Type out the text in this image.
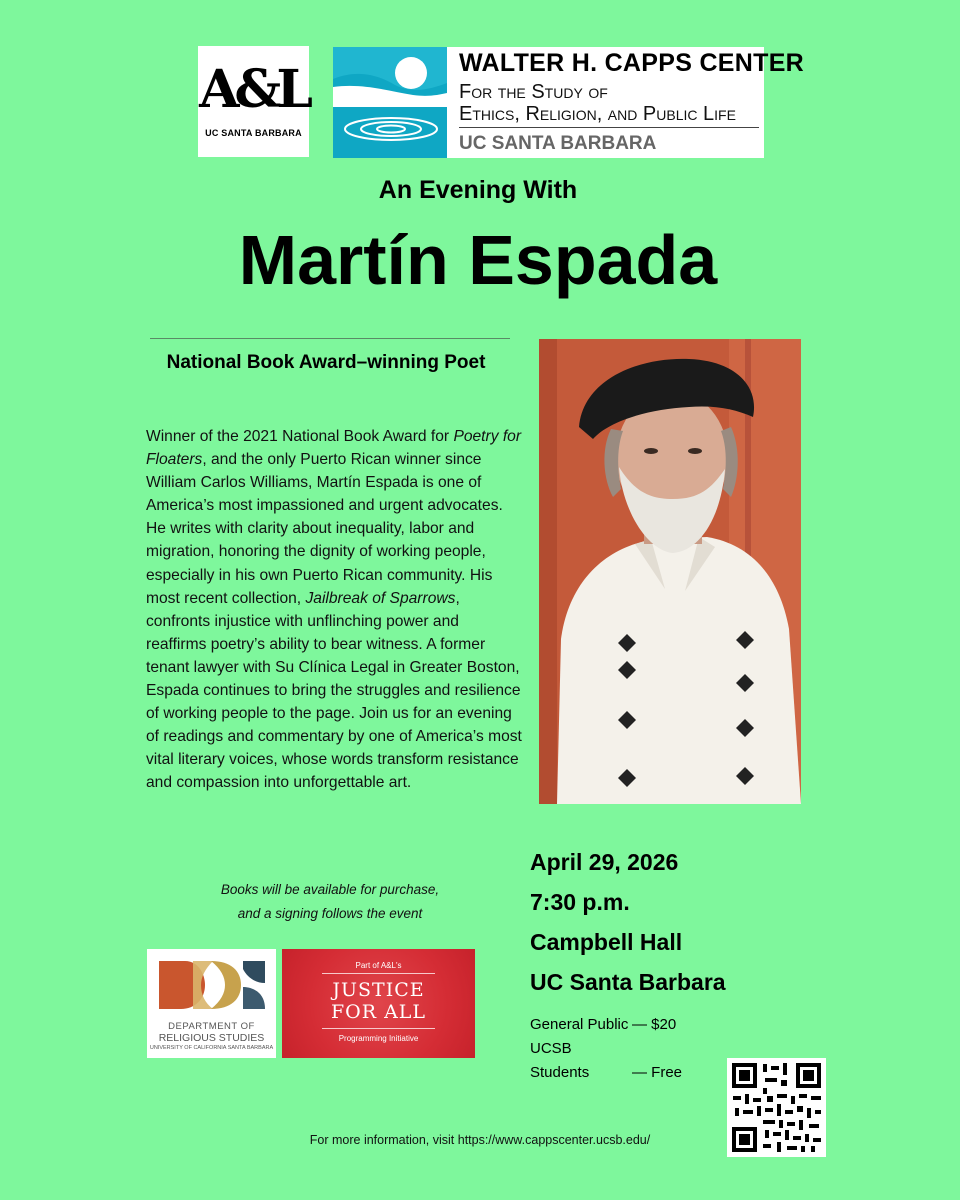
A&L
UC SANTA BARBARA
WALTER H. CAPPS CENTER
For the Study of
Ethics, Religion, and Public Life
UC SANTA BARBARA
An Evening With
Martín Espada
National Book Award–winning Poet
Winner of the 2021 National Book Award for Poetry for Floaters, and the only Puerto Rican winner since William Carlos Williams, Martín Espada is one of America’s most impassioned and urgent advocates. He writes with clarity about inequality, labor and migration, honoring the dignity of working people, especially in his own Puerto Rican community. His most recent collection, Jailbreak of Sparrows, confronts injustice with unflinching power and reaffirms poetry’s ability to bear witness. A former tenant lawyer with Su Clínica Legal in Greater Boston, Espada continues to bring the struggles and resilience of working people to the page. Join us for an evening of readings and commentary by one of America’s most vital literary voices, whose words transform resistance and compassion into unforgettable art.
Books will be available for purchase,
and a signing follows the event
April 29, 2026
7:30 p.m.
Campbell Hall
UC Santa Barbara
General Public — $20
UCSB Students	— Free
DEPARTMENT OF
RELIGIOUS STUDIES
UNIVERSITY OF CALIFORNIA SANTA BARBARA
Part of A&L's
JUSTICE
FOR ALL
Programming Initiative
For more information, visit https://www.cappscenter.ucsb.edu/
